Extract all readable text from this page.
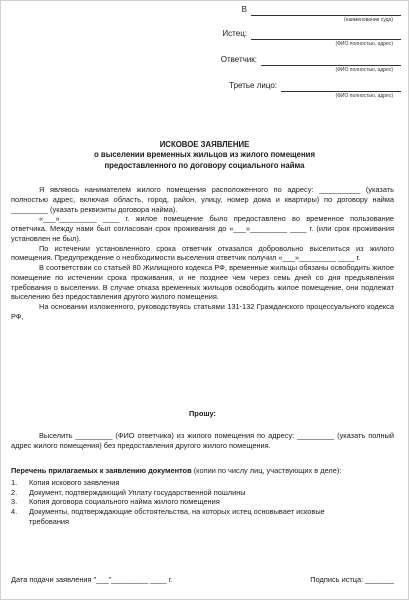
В
(наименование суда)
Истец:
(ФИО полностью, адрес)
Ответчик:
(ФИО полностью, адрес)
Третье лицо:
(ФИО полностью, адрес)
ИСКОВОЕ ЗАЯВЛЕНИЕ
о выселении временных жильцов из жилого помещения
предоставленного по договору социального найма

Я являюсь нанимателем жилого помещения расположенного по адресу: __________ (указать полностью адрес, включая область, город, район, улицу, номер дома и квартиры) по договору найма _________ (указать реквизиты договора найма).

«___»_________ ____ г. жилое помещение было предоставлено во временное пользование ответчика. Между нами был согласован срок проживания до «___»_________ ____ г. (или срок проживания установлен не был).

По истечении установленного срока ответчик отказался добровольно выселиться из жилого помещения. Предупреждение о необходимости выселения ответчик получил «___»_________ ____ г.

В соответствии со статьей 80 Жилищного кодекса РФ, временные жильцы обязаны освободить жилое помещение по истечении срока проживания, и не позднее чем через семь дней со дня предъявления требования о выселении. В случае отказа временных жильцов освободить жилое помещение, они подлежат выселению без предоставления другого жилого помещения.

На основании изложенного, руководствуясь статьями 131-132 Гражданского процессуального кодекса РФ,

Прошу:

Выселить _________ (ФИО ответчика) из жилого помещения по адресу: _________ (указать полный адрес жилого помещения) без предоставления другого жилого помещения.

Перечень прилагаемых к заявлению документов (копии по числу лиц, участвующих в деле):

1.	Копия искового заявления
2.	Документ, подтверждающий Уплату государственной пошлины
3.	Копия договора социального найма жилого помещения
4.	Документы, подтверждающие обстоятельства, на которых истец основывает исковые требования
Дата подачи заявления "___"_________ ____ г.	Подпись истца: _______
